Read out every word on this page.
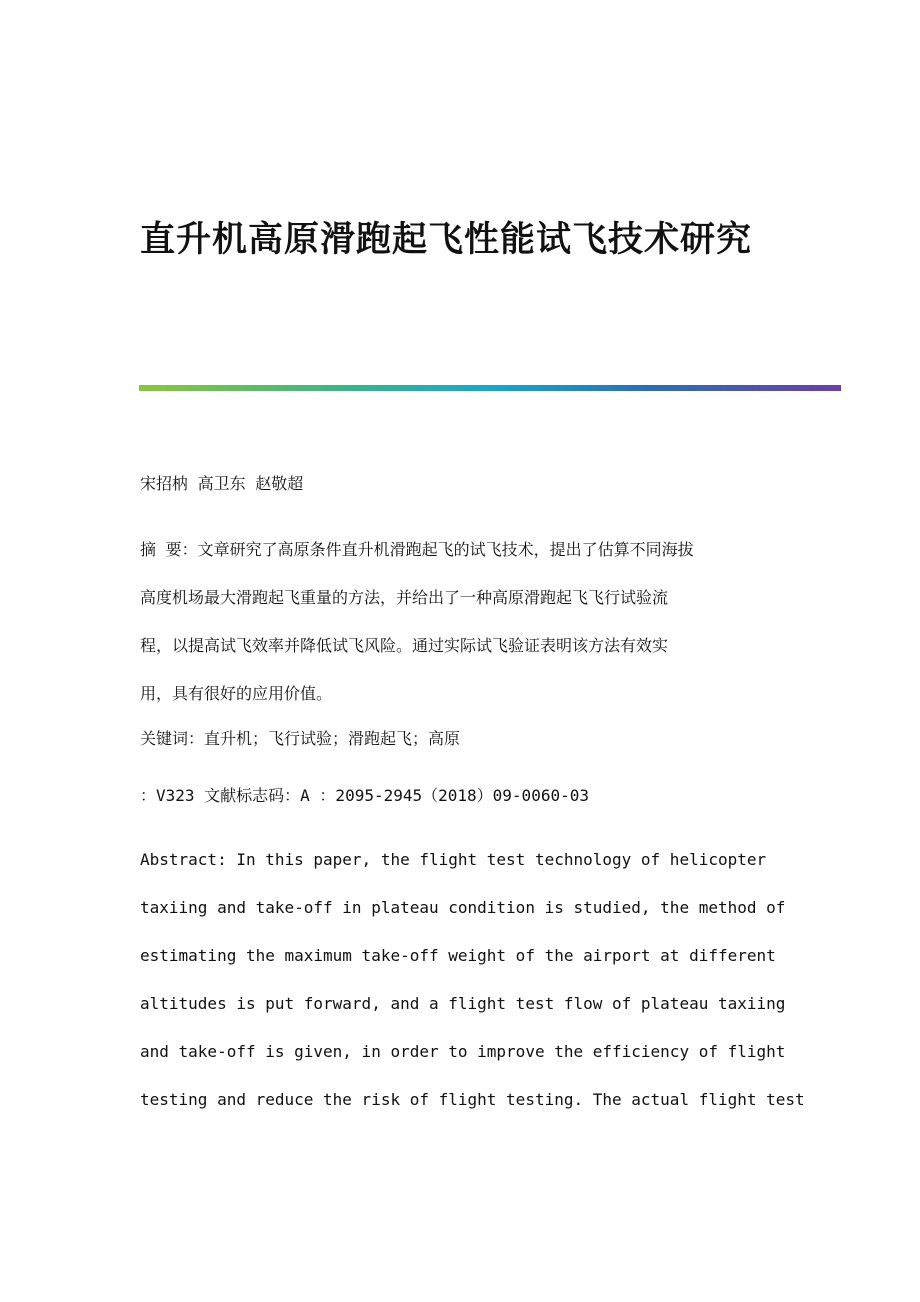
直升机高原滑跑起飞性能试飞技术研究

宋招枘 高卫东 赵敬超

摘 要：文章研究了高原条件直升机滑跑起飞的试飞技术，提出了估算不同海拔
高度机场最大滑跑起飞重量的方法，并给出了一种高原滑跑起飞飞行试验流
程，以提高试飞效率并降低试飞风险。通过实际试飞验证表明该方法有效实
用，具有很好的应用价值。

关键词：直升机；飞行试验；滑跑起飞；高原

：V323 文献标志码：A ：2095-2945（2018）09-0060-03

Abstract: In this paper, the flight test technology of helicopter
taxiing and take-off in plateau condition is studied, the method of
estimating the maximum take-off weight of the airport at different
altitudes is put forward, and a flight test flow of plateau taxiing
and take-off is given, in order to improve the efficiency of flight
testing and reduce the risk of flight testing. The actual flight test
